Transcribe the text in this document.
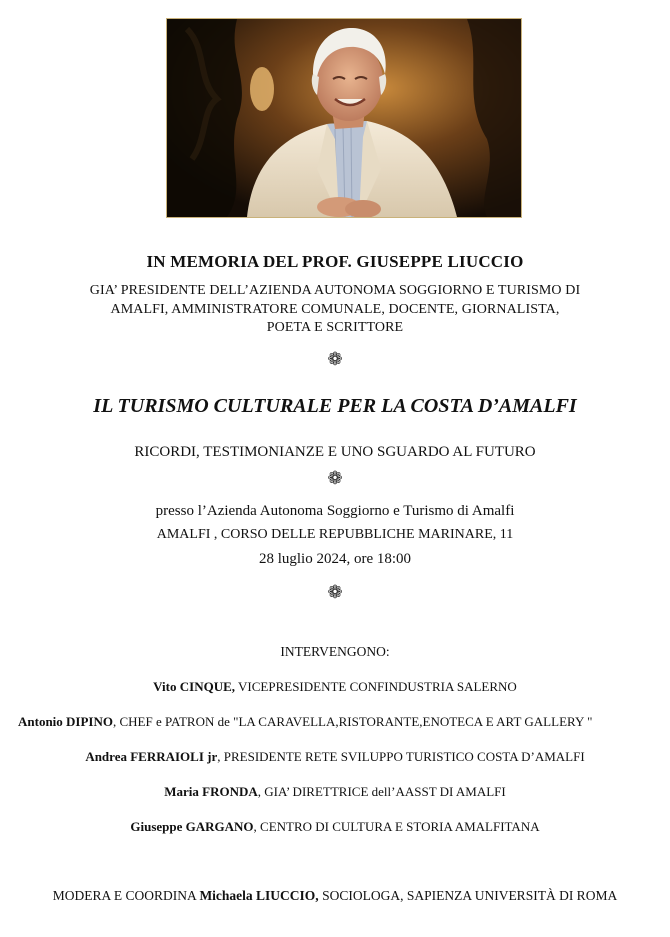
IN MEMORIA DEL PROF. GIUSEPPE LIUCCIO
GIA’ PRESIDENTE DELL’AZIENDA AUTONOMA SOGGIORNO E TURISMO DI
AMALFI, AMMINISTRATORE COMUNALE, DOCENTE, GIORNALISTA,
POETA E SCRITTORE
❁
IL TURISMO CULTURALE PER LA COSTA D’AMALFI
RICORDI, TESTIMONIANZE E UNO SGUARDO AL FUTURO
❁
presso l’Azienda Autonoma Soggiorno e Turismo di Amalfi
AMALFI , CORSO DELLE REPUBBLICHE MARINARE, 11
28 luglio 2024, ore 18:00
❁
INTERVENGONO:
Vito CINQUE, VICEPRESIDENTE CONFINDUSTRIA SALERNO
Antonio DIPINO, CHEF e PATRON de "LA CARAVELLA,RISTORANTE,ENOTECA E ART GALLERY "
Andrea FERRAIOLI jr, PRESIDENTE RETE SVILUPPO TURISTICO COSTA D’AMALFI
Maria FRONDA, GIA’ DIRETTRICE dell’AASST DI AMALFI
Giuseppe GARGANO, CENTRO DI CULTURA E STORIA AMALFITANA
MODERA E COORDINA Michaela LIUCCIO, SOCIOLOGA, SAPIENZA UNIVERSITÀ DI ROMA
